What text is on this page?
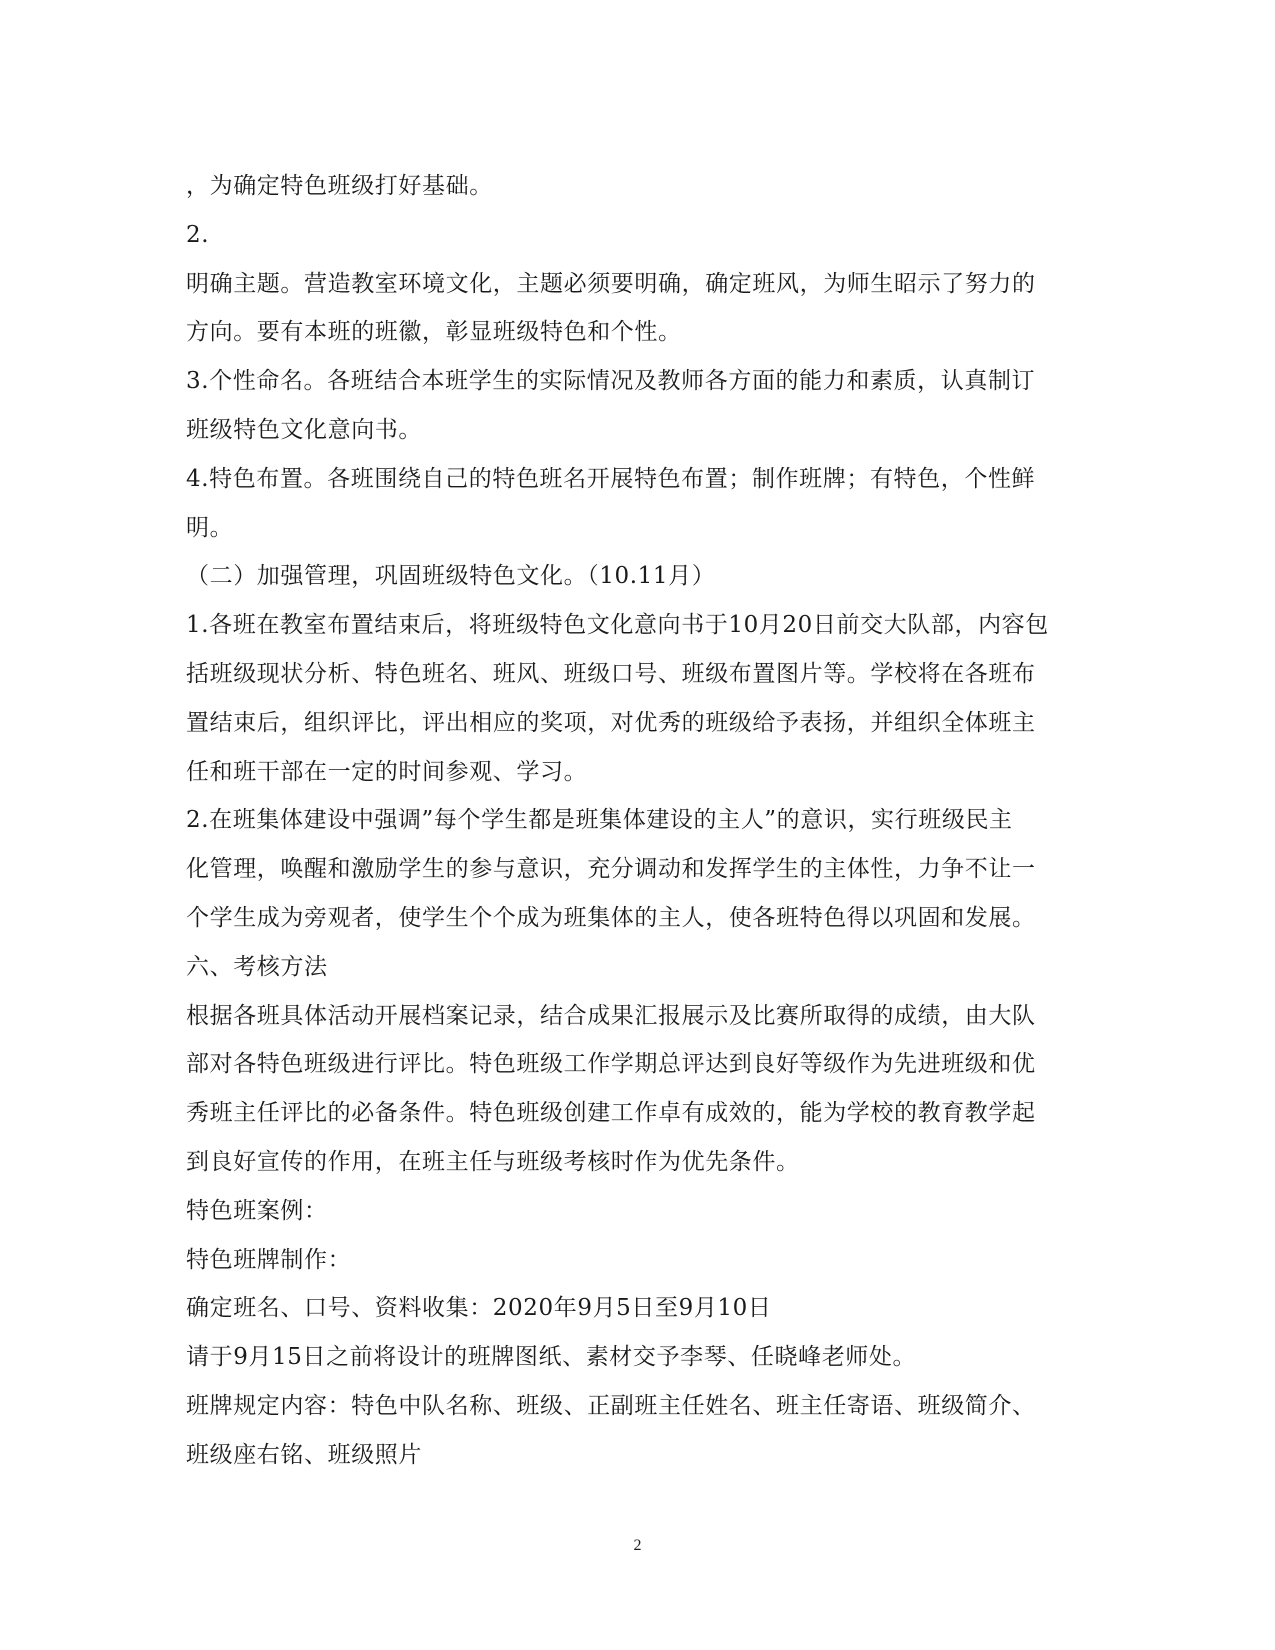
，为确定特色班级打好基础。
2.
明确主题。营造教室环境文化，主题必须要明确，确定班风，为师生昭示了努力的
方向。要有本班的班徽，彰显班级特色和个性。
3.个性命名。各班结合本班学生的实际情况及教师各方面的能力和素质，认真制订
班级特色文化意向书。
4.特色布置。各班围绕自己的特色班名开展特色布置；制作班牌；有特色，个性鲜
明。
（二）加强管理，巩固班级特色文化。（10.11月）
1.各班在教室布置结束后，将班级特色文化意向书于10月20日前交大队部，内容包
括班级现状分析、特色班名、班风、班级口号、班级布置图片等。学校将在各班布
置结束后，组织评比，评出相应的奖项，对优秀的班级给予表扬，并组织全体班主
任和班干部在一定的时间参观、学习。
2.在班集体建设中强调”每个学生都是班集体建设的主人”的意识，实行班级民主
化管理，唤醒和激励学生的参与意识，充分调动和发挥学生的主体性，力争不让一
个学生成为旁观者，使学生个个成为班集体的主人，使各班特色得以巩固和发展。
六、考核方法
根据各班具体活动开展档案记录，结合成果汇报展示及比赛所取得的成绩，由大队
部对各特色班级进行评比。特色班级工作学期总评达到良好等级作为先进班级和优
秀班主任评比的必备条件。特色班级创建工作卓有成效的，能为学校的教育教学起
到良好宣传的作用，在班主任与班级考核时作为优先条件。
特色班案例：
特色班牌制作：
确定班名、口号、资料收集：2020年9月5日至9月10日
请于9月15日之前将设计的班牌图纸、素材交予李琴、任晓峰老师处。
班牌规定内容：特色中队名称、班级、正副班主任姓名、班主任寄语、班级简介、
班级座右铭、班级照片
2
